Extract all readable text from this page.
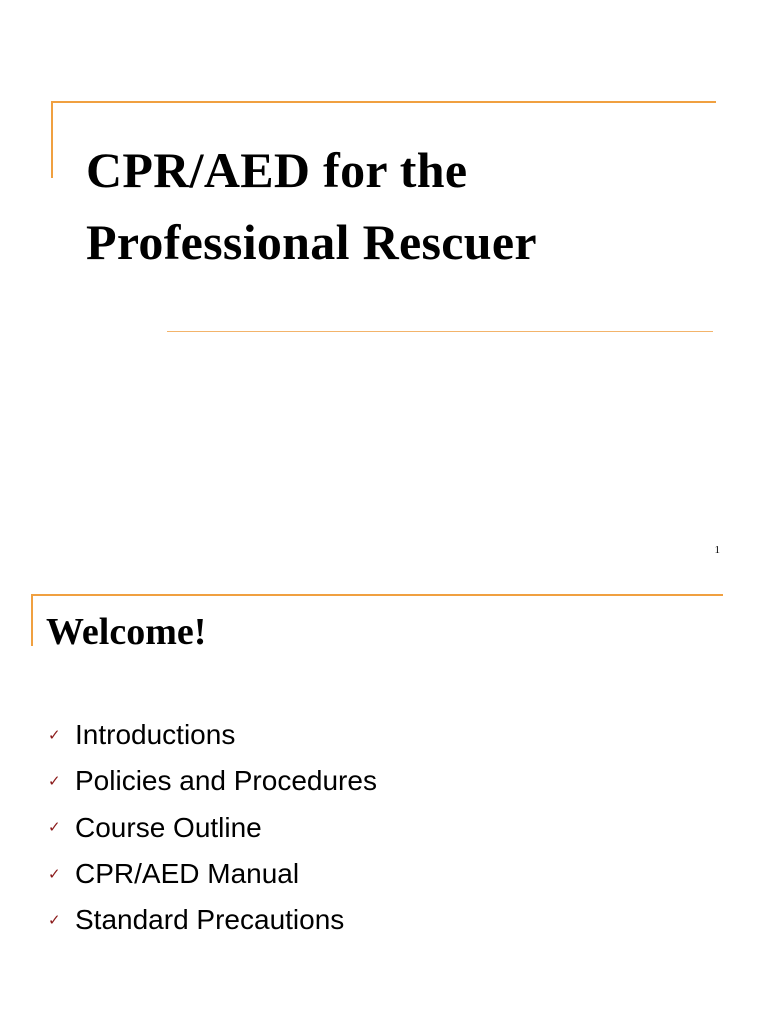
CPR/AED for the
Professional Rescuer
1
Welcome!
✓ Introductions
✓ Policies and Procedures
✓ Course Outline
✓ CPR/AED Manual
✓ Standard Precautions
